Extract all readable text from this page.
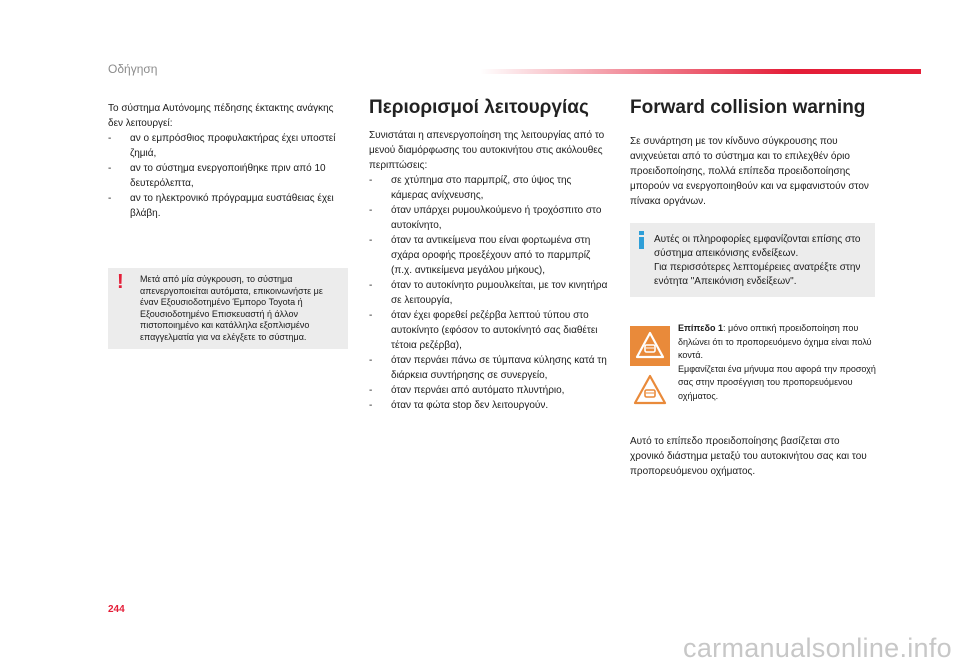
Οδήγηση

Το σύστημα Αυτόνομης πέδησης έκτακτης ανάγκης δεν λειτουργεί:

- αν ο εμπρόσθιος προφυλακτήρας έχει υποστεί ζημιά,
- αν το σύστημα ενεργοποιήθηκε πριν από 10 δευτερόλεπτα,
- αν το ηλεκτρονικό πρόγραμμα ευστάθειας έχει βλάβη.
! Μετά από μία σύγκρουση, το σύστημα απενεργοποιείται αυτόματα, επικοινωνήστε με έναν Εξουσιοδοτημένο Έμπορο Toyota ή Εξουσιοδοτημένο Επισκευαστή ή άλλον πιστοποιημένο και κατάλληλα εξοπλισμένο επαγγελματία για να ελέγξετε το σύστημα.

Περιορισμοί λειτουργίας

Συνιστάται η απενεργοποίηση της λειτουργίας από το μενού διαμόρφωσης του αυτοκινήτου στις ακόλουθες περιπτώσεις:

- σε χτύπημα στο παρμπρίζ, στο ύψος της κάμερας ανίχνευσης,
- όταν υπάρχει ρυμουλκούμενο ή τροχόσπιτο στο αυτοκίνητο,
- όταν τα αντικείμενα που είναι φορτωμένα στη σχάρα οροφής προεξέχουν από το παρμπρίζ (π.χ. αντικείμενα μεγάλου μήκους),
- όταν το αυτοκίνητο ρυμουλκείται, με τον κινητήρα σε λειτουργία,
- όταν έχει φορεθεί ρεζέρβα λεπτού τύπου στο αυτοκίνητο (εφόσον το αυτοκίνητό σας διαθέτει τέτοια ρεζέρβα),
- όταν περνάει πάνω σε τύμπανα κύλησης κατά τη διάρκεια συντήρησης σε συνεργείο,
- όταν περνάει από αυτόματο πλυντήριο,
- όταν τα φώτα stop δεν λειτουργούν.
Forward collision warning

Σε συνάρτηση με τον κίνδυνο σύγκρουσης που ανιχνεύεται από το σύστημα και το επιλεχθέν όριο προειδοποίησης, πολλά επίπεδα προειδοποίησης μπορούν να ενεργοποιηθούν και να εμφανιστούν στον πίνακα οργάνων.

Αυτές οι πληροφορίες εμφανίζονται επίσης στο σύστημα απεικόνισης ενδείξεων.

Για περισσότερες λεπτομέρειες ανατρέξτε στην ενότητα "Απεικόνιση ενδείξεων".

Επίπεδο 1: μόνο οπτική προειδοποίηση που δηλώνει ότι το προπορευόμενο όχημα είναι πολύ κοντά.

Εμφανίζεται ένα μήνυμα που αφορά την προσοχή σας στην προσέγγιση του προπορευόμενου οχήματος.

Αυτό το επίπεδο προειδοποίησης βασίζεται στο χρονικό διάστημα μεταξύ του αυτοκινήτου σας και του προπορευόμενου οχήματος.

244
carmanualsonline.info
